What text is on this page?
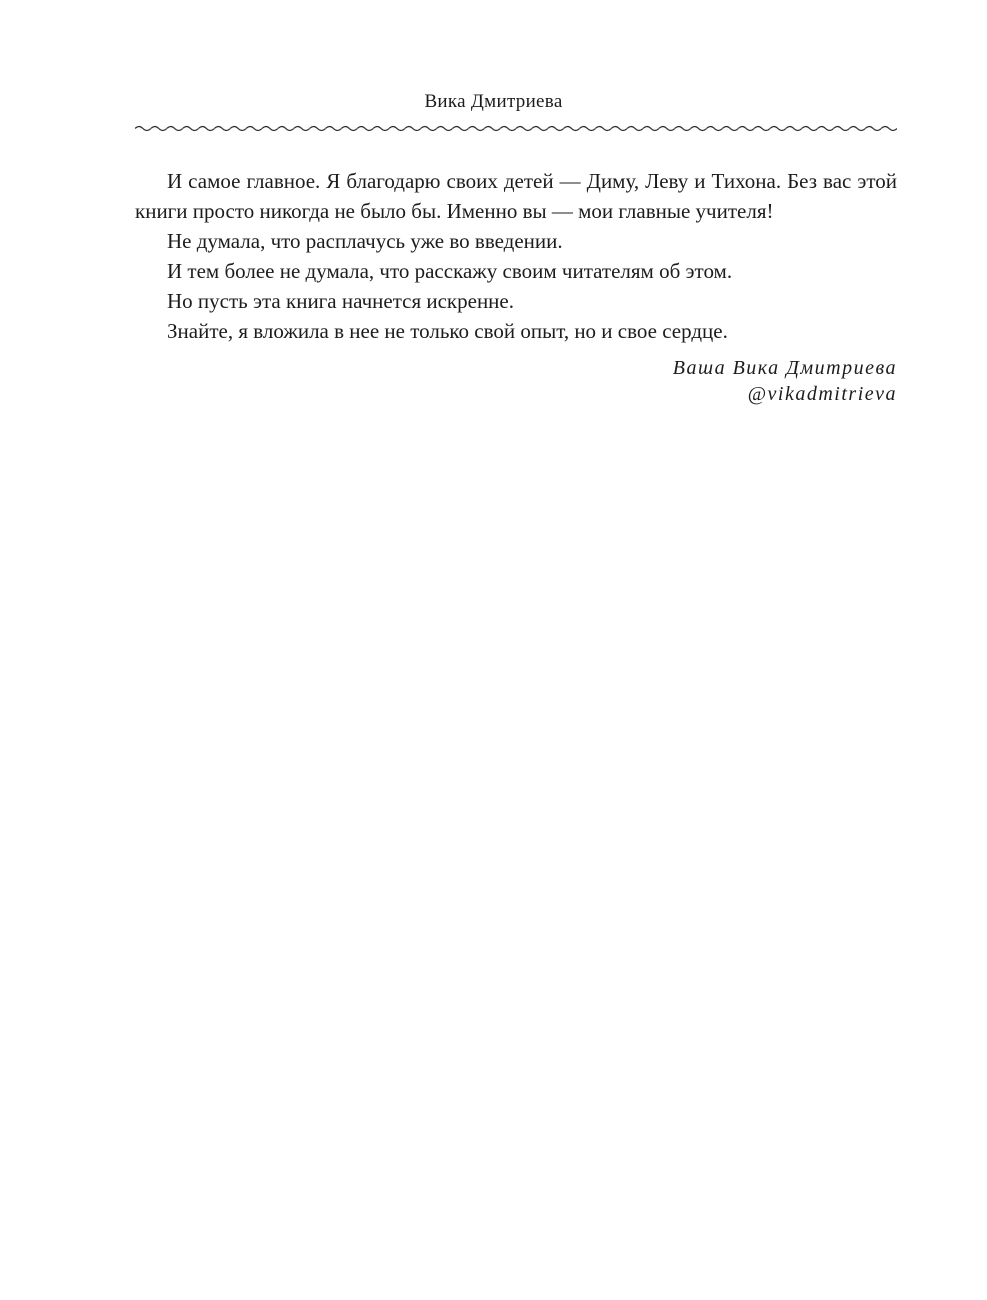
Вика Дмитриева

И самое главное. Я благодарю своих детей — Диму, Леву и Тихона. Без вас этой книги просто никогда не было бы. Именно вы — мои главные учителя!

Не думала, что расплачусь уже во введении.

И тем более не думала, что расскажу своим читателям об этом.

Но пусть эта книга начнется искренне.

Знайте, я вложила в нее не только свой опыт, но и свое сердце.

Ваша Вика Дмитриева
@vikadmitrieva
